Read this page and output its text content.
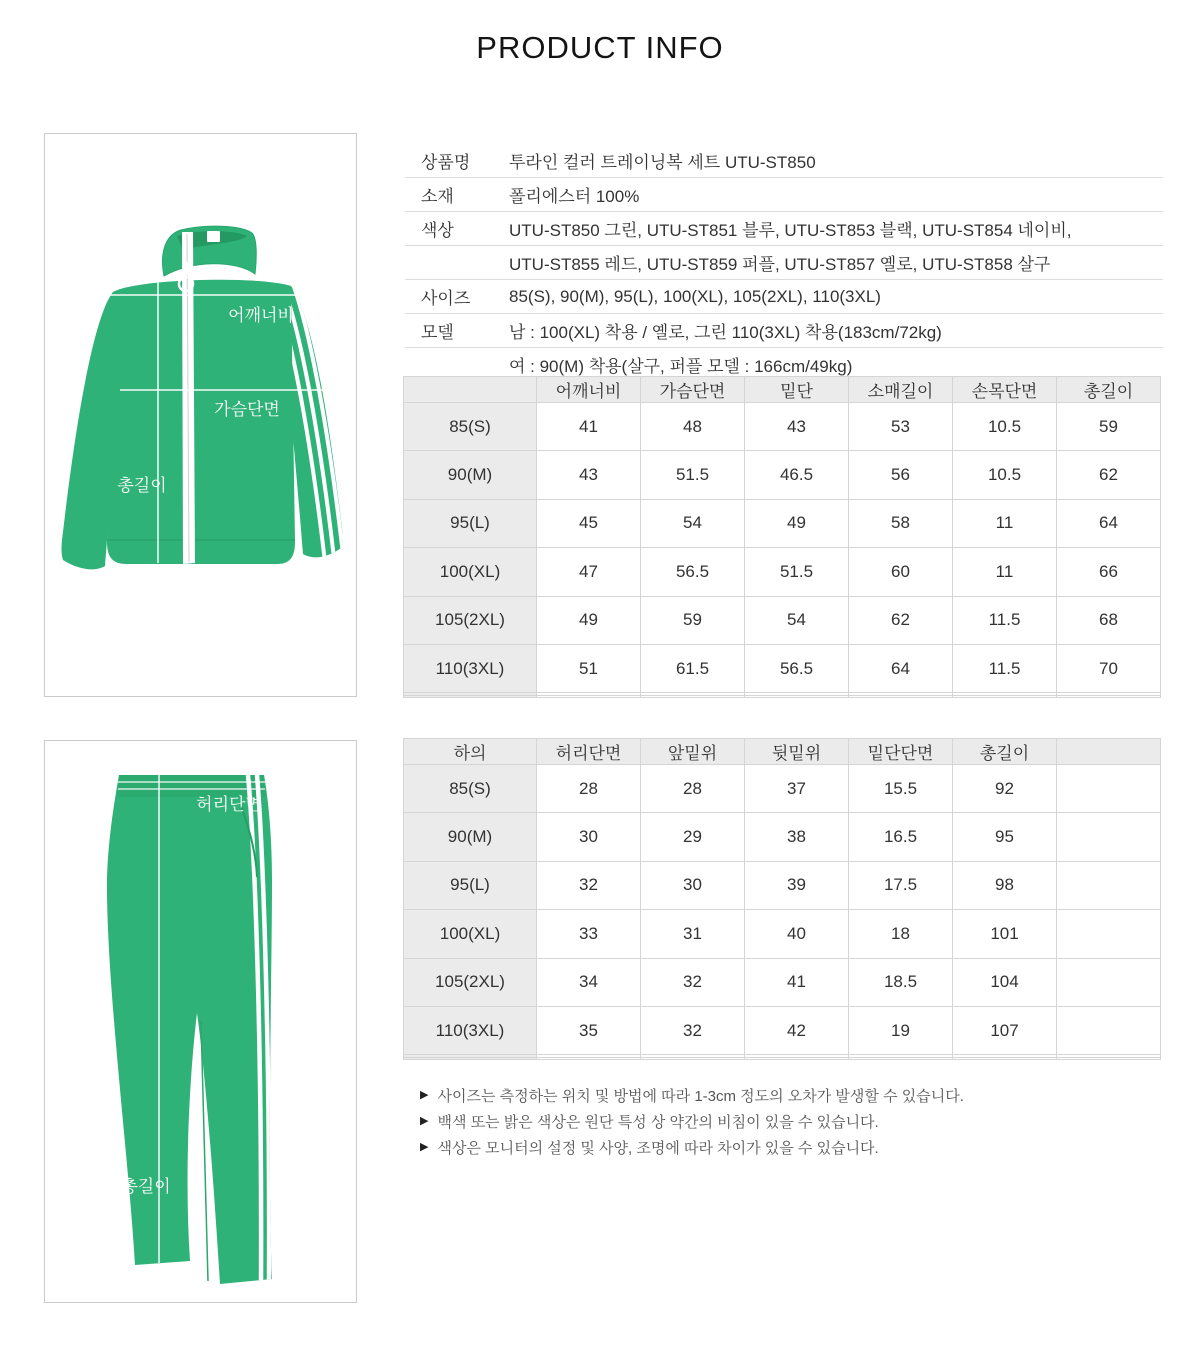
PRODUCT INFO
어깨너비
가슴단면
총길이
허리단면
총길이
상품명	투라인 컬러 트레이닝복 세트 UTU-ST850
소재	폴리에스터 100%
색상	UTU-ST850 그린, UTU-ST851 블루, UTU-ST853 블랙, UTU-ST854 네이비,
UTU-ST855 레드, UTU-ST859 퍼플, UTU-ST857 옐로, UTU-ST858 살구
사이즈	85(S), 90(M), 95(L), 100(XL), 105(2XL), 110(3XL)
모델	남 : 100(XL) 착용 / 옐로, 그린 110(3XL) 착용(183cm/72kg)
여 : 90(M) 착용(살구, 퍼플 모델 : 166cm/49kg)
	어깨너비	가슴단면	밑단	소매길이	손목단면	총길이
85(S)	41	48	43	53	10.5	59
90(M)	43	51.5	46.5	56	10.5	62
95(L)	45	54	49	58	11	64
100(XL)	47	56.5	51.5	60	11	66
105(2XL)	49	59	54	62	11.5	68
110(3XL)	51	61.5	56.5	64	11.5	70

하의	허리단면	앞밑위	뒷밑위	밑단단면	총길이	
85(S)	28	28	37	15.5	92	
90(M)	30	29	38	16.5	95	
95(L)	32	30	39	17.5	98	
100(XL)	33	31	40	18	101	
105(2XL)	34	32	41	18.5	104	
110(3XL)	35	32	42	19	107	

▶ 사이즈는 측정하는 위치 및 방법에 따라 1-3cm 정도의 오차가 발생할 수 있습니다.
▶ 백색 또는 밝은 색상은 원단 특성 상 약간의 비침이 있을 수 있습니다.
▶ 색상은 모니터의 설정 및 사양, 조명에 따라 차이가 있을 수 있습니다.
